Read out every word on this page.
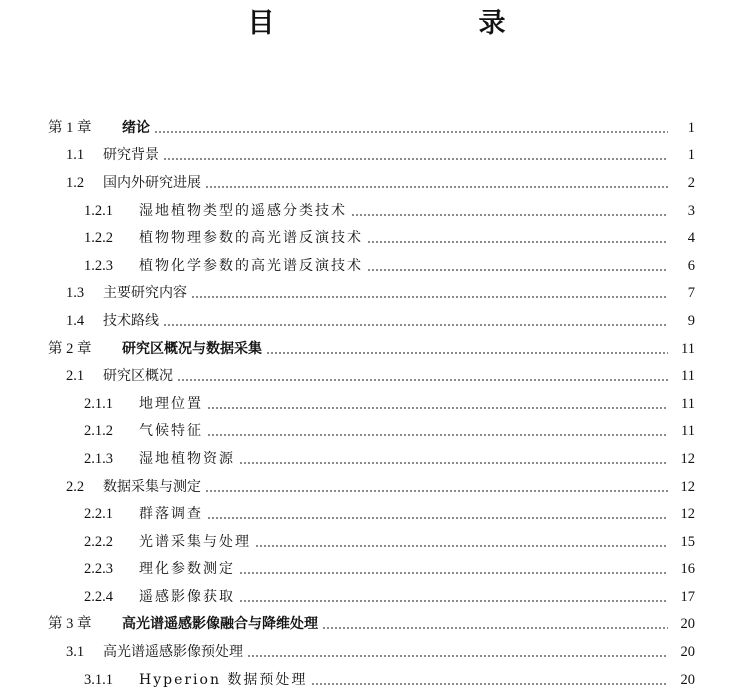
目　　录
第 1 章	绪论	1
1.1	研究背景	1
1.2	国内外研究进展	2
1.2.1	湿地植物类型的遥感分类技术	3
1.2.2	植物物理参数的高光谱反演技术	4
1.2.3	植物化学参数的高光谱反演技术	6
1.3	主要研究内容	7
1.4	技术路线	9
第 2 章	研究区概况与数据采集	11
2.1	研究区概况	11
2.1.1	地理位置	11
2.1.2	气候特征	11
2.1.3	湿地植物资源	12
2.2	数据采集与测定	12
2.2.1	群落调查	12
2.2.2	光谱采集与处理	15
2.2.3	理化参数测定	16
2.2.4	遥感影像获取	17
第 3 章	高光谱遥感影像融合与降维处理	20
3.1	高光谱遥感影像预处理	20
3.1.1	Hyperion 数据预处理	20
